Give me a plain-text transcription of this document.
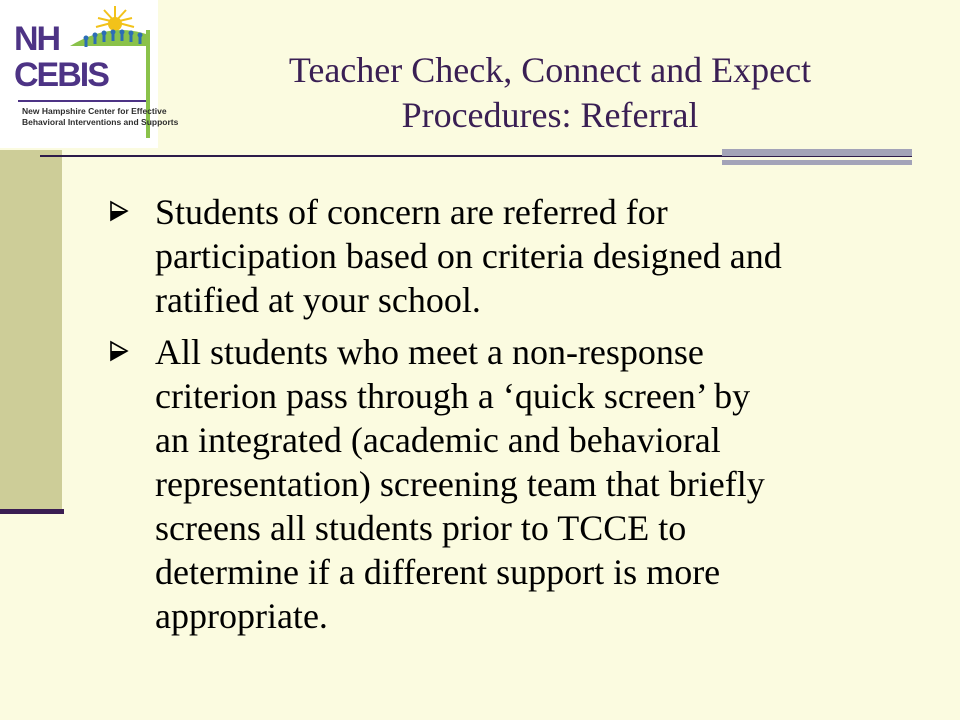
NH
CEBIS
New Hampshire Center for Effective
Behavioral Interventions and Supports
Teacher Check, Connect and Expect
Procedures: Referral
Students of concern are referred for
participation based on criteria designed and
ratified at your school.
All students who meet a non-response
criterion pass through a ‘quick screen’ by
an integrated (academic and behavioral
representation) screening team that briefly
screens all students prior to TCCE to
determine if a different support is more
appropriate.
